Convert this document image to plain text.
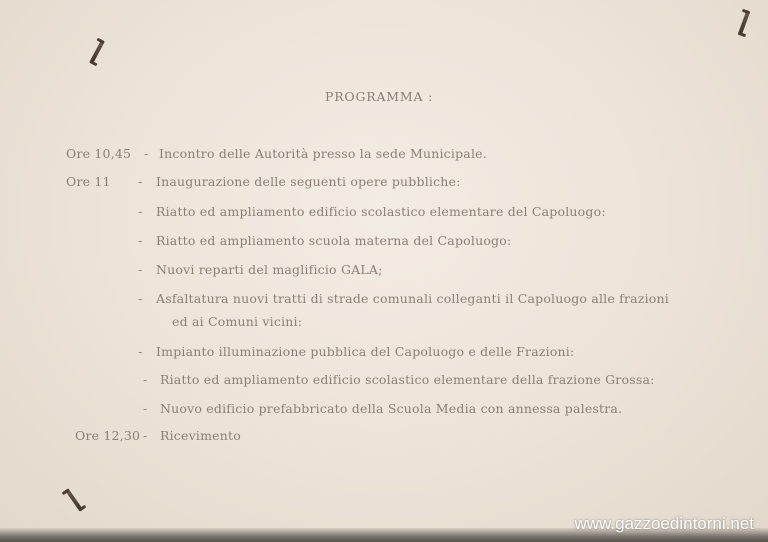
PROGRAMMA :
Ore 10,45 - Incontro delle Autorità presso la sede Municipale.
Ore 11 - Inaugurazione delle seguenti opere pubbliche:
- Riatto ed ampliamento edificio scolastico elementare del Capoluogo:
- Riatto ed ampliamento scuola materna del Capoluogo:
- Nuovi reparti del maglificio GALA;
- Asfaltatura nuovi tratti di strade comunali colleganti il Capoluogo alle frazioni
ed ai Comuni vicini:
- Impianto illuminazione pubblica del Capoluogo e delle Frazioni:
- Riatto ed ampliamento edificio scolastico elementare della frazione Grossa:
- Nuovo edificio prefabbricato della Scuola Media con annessa palestra.
Ore 12,30 - Ricevimento
www.gazzoedintorni.net
